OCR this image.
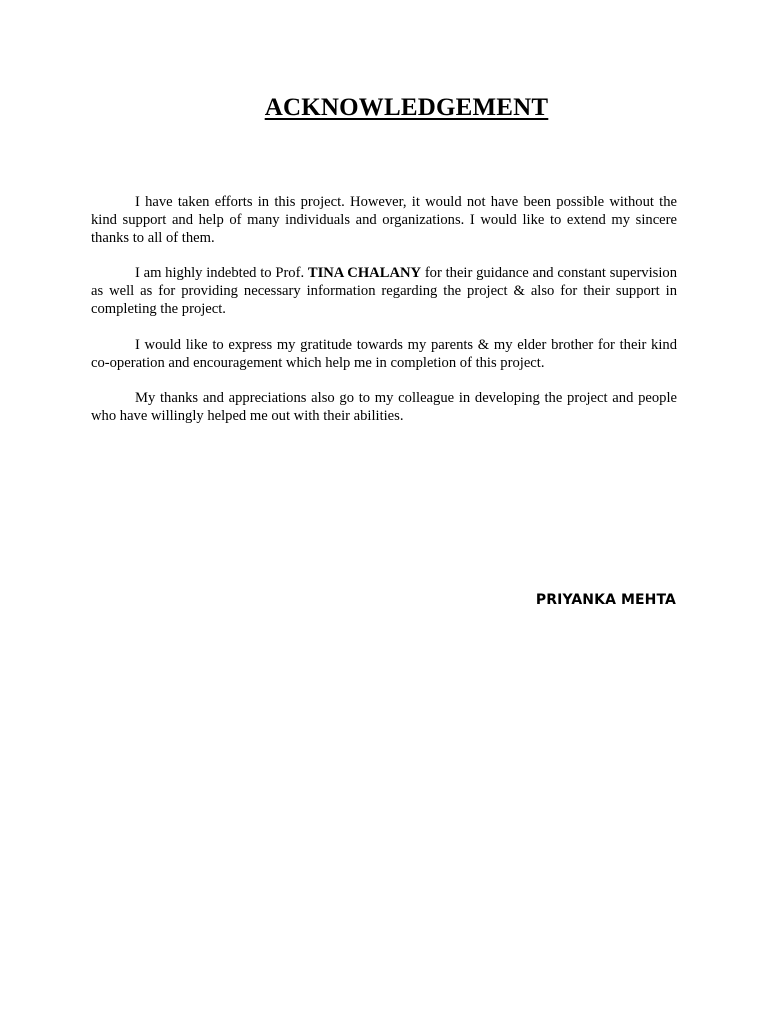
ACKNOWLEDGEMENT

I have taken efforts in this project. However, it would not have been possible without the kind support and help of many individuals and organizations. I would like to extend my sincere thanks to all of them.

I am highly indebted to Prof. TINA CHALANY for their guidance and constant supervision as well as for providing necessary information regarding the project & also for their support in completing the project.

I would like to express my gratitude towards my parents & my elder brother for their kind co-operation and encouragement which help me in completion of this project.

My thanks and appreciations also go to my colleague in developing the project and people who have willingly helped me out with their abilities.

PRIYANKA MEHTA
